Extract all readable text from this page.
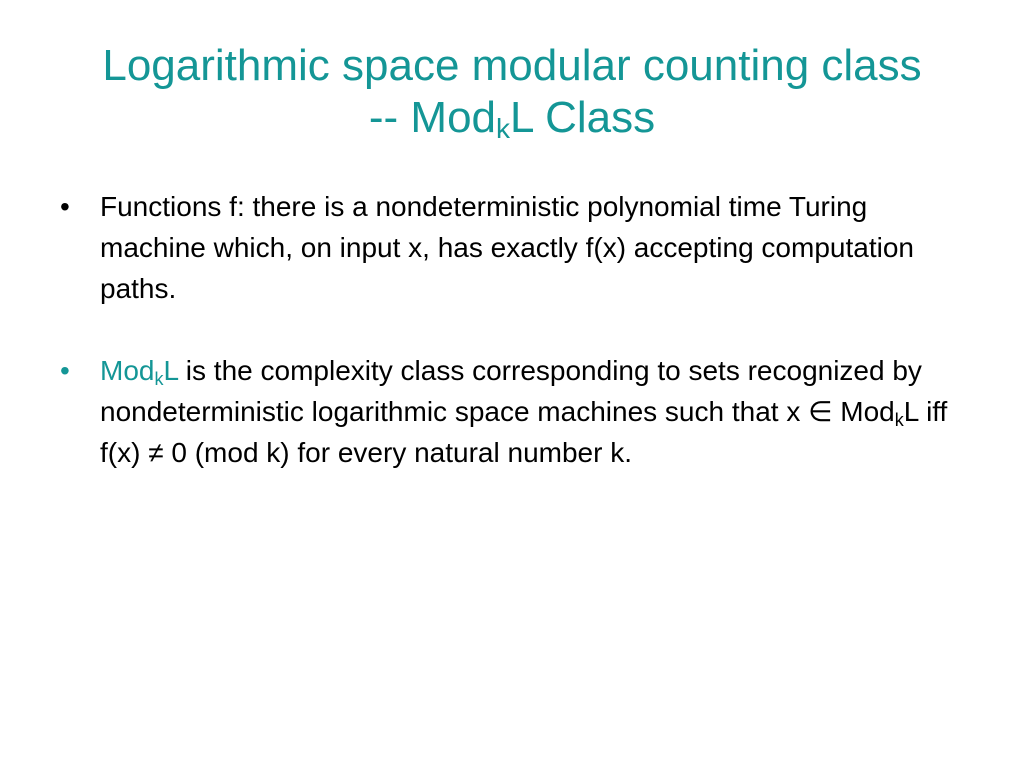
Logarithmic space modular counting class
-- Mod$_k$L Class
• Functions f: there is a nondeterministic polynomial time Turing machine which, on input x, has exactly f(x) accepting computation paths.
• Mod$_k$L is the complexity class corresponding to sets recognized by nondeterministic logarithmic space machines such that x ∈ Mod$_k$L iff f(x) ≠ 0 (mod k) for every natural number k.
